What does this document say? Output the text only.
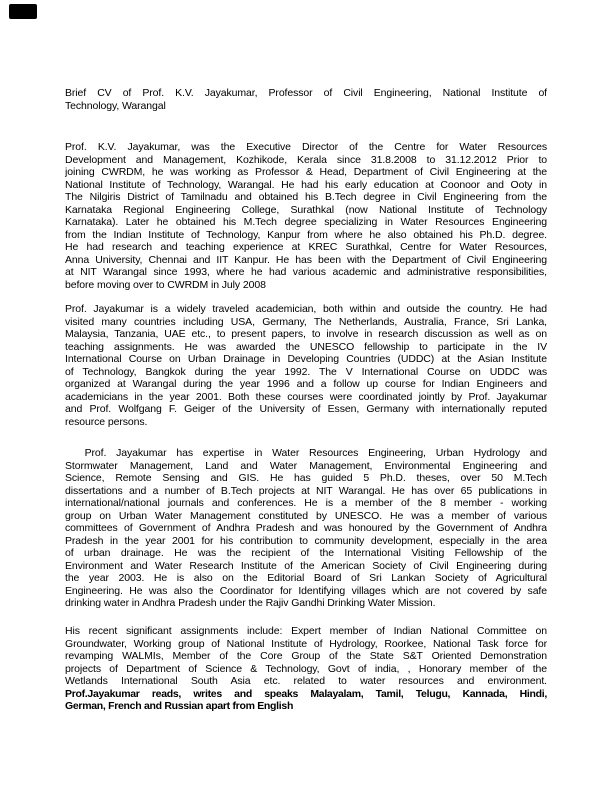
Brief CV of Prof. K.V. Jayakumar, Professor of Civil Engineering, National Institute of
Technology, Warangal
Prof. K.V. Jayakumar, was the Executive Director of the Centre for Water Resources
Development and Management, Kozhikode, Kerala since 31.8.2008 to 31.12.2012 Prior to
joining CWRDM, he was working as Professor & Head, Department of Civil Engineering at the
National Institute of Technology, Warangal. He had his early education at Coonoor and Ooty in
The Nilgiris District of Tamilnadu and obtained his B.Tech degree in Civil Engineering from the
Karnataka Regional Engineering College, Surathkal (now National Institute of Technology
Karnataka). Later he obtained his M.Tech degree specializing in Water Resources Engineering
from the Indian Institute of Technology, Kanpur from where he also obtained his Ph.D. degree.
He had research and teaching experience at KREC Surathkal, Centre for Water Resources,
Anna University, Chennai and IIT Kanpur. He has been with the Department of Civil Engineering
at NIT Warangal since 1993, where he had various academic and administrative responsibilities,
before moving over to CWRDM in July 2008
Prof. Jayakumar is a widely traveled academician, both within and outside the country. He had
visited many countries including USA, Germany, The Netherlands, Australia, France, Sri Lanka,
Malaysia, Tanzania, UAE etc., to present papers, to involve in research discussion as well as on
teaching assignments. He was awarded the UNESCO fellowship to participate in the IV
International Course on Urban Drainage in Developing Countries (UDDC) at the Asian Institute
of Technology, Bangkok during the year 1992. The V International Course on UDDC was
organized at Warangal during the year 1996 and a follow up course for Indian Engineers and
academicians in the year 2001. Both these courses were coordinated jointly by Prof. Jayakumar
and Prof. Wolfgang F. Geiger of the University of Essen, Germany with internationally reputed
resource persons.
Prof. Jayakumar has expertise in Water Resources Engineering, Urban Hydrology and
Stormwater Management, Land and Water Management, Environmental Engineering and
Science, Remote Sensing and GIS. He has guided 5 Ph.D. theses, over 50 M.Tech
dissertations and a number of B.Tech projects at NIT Warangal. He has over 65 publications in
international/national journals and conferences. He is a member of the 8 member - working
group on Urban Water Management constituted by UNESCO. He was a member of various
committees of Government of Andhra Pradesh and was honoured by the Government of Andhra
Pradesh in the year 2001 for his contribution to community development, especially in the area
of urban drainage. He was the recipient of the International Visiting Fellowship of the
Environment and Water Research Institute of the American Society of Civil Engineering during
the year 2003. He is also on the Editorial Board of Sri Lankan Society of Agricultural
Engineering. He was also the Coordinator for Identifying villages which are not covered by safe
drinking water in Andhra Pradesh under the Rajiv Gandhi Drinking Water Mission.
His recent significant assignments include: Expert member of Indian National Committee on
Groundwater, Working group of National Institute of Hydrology, Roorkee, National Task force for
revamping WALMIs, Member of the Core Group of the State S&T Oriented Demonstration
projects of Department of Science & Technology, Govt of india, , Honorary member of the
Wetlands International South Asia etc. related to water resources and environment.
Prof.Jayakumar reads, writes and speaks Malayalam, Tamil, Telugu, Kannada, Hindi,
German, French and Russian apart from English
